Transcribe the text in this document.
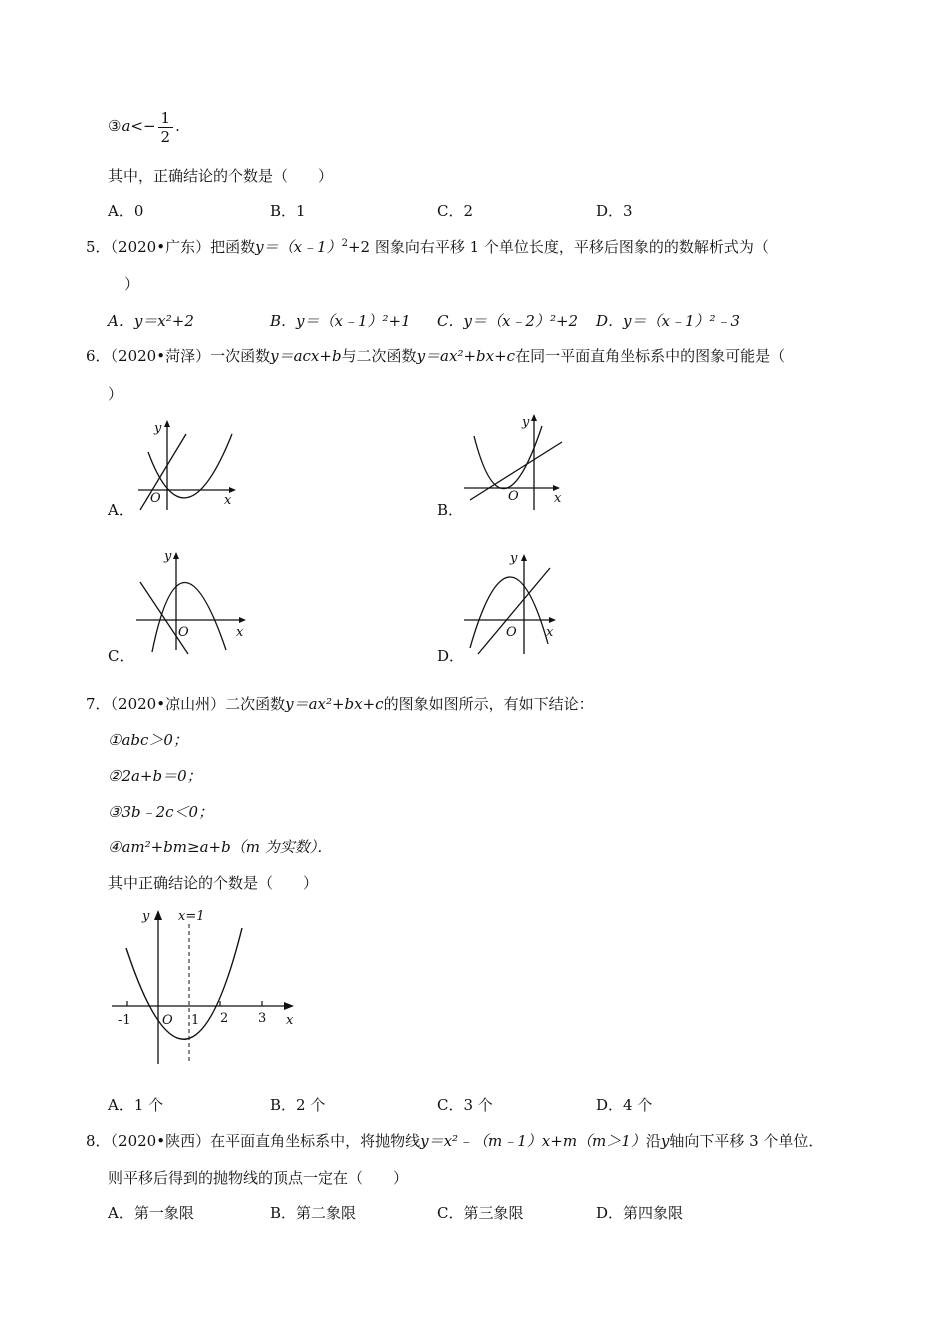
③a<− $\frac{1}{2}$ .
其中，正确结论的个数是（　　）
A．0	B．1	C．2	D．3
5．（2020•广东）把函数y＝（x﹣1）$^2$+2 图象向右平移 1 个单位长度，平移后图象的的数解析式为（
）
A．y＝x²+2	B．y＝（x﹣1）²+1 C．y＝（x﹣2）²+2 D．y＝（x﹣1）²﹣3
6．（2020•菏泽）一次函数y＝acx+b与二次函数y＝ax²+bx+c在同一平面直角坐标系中的图象可能是（
）
A．
y
x
O
B．
y
x
O
C．
y
x
O
D．
y
x
O
7．（2020•凉山州）二次函数y＝ax²+bx+c的图象如图所示，有如下结论：
①abc＞0；
②2a+b＝0；
③3b﹣2c＜0；
④am²+bm≥a+b（m 为实数）．
其中正确结论的个数是（　　）
y x=1
x
O
-1	1 2 3
A．1 个	B．2 个	C．3 个	D．4 个
8．（2020•陕西）在平面直角坐标系中，将抛物线y＝x²﹣（m﹣1）x+m（m＞1）沿y轴向下平移 3 个单位．
则平移后得到的抛物线的顶点一定在（　　）
A．第一象限	B．第二象限	C．第三象限	D．第四象限
